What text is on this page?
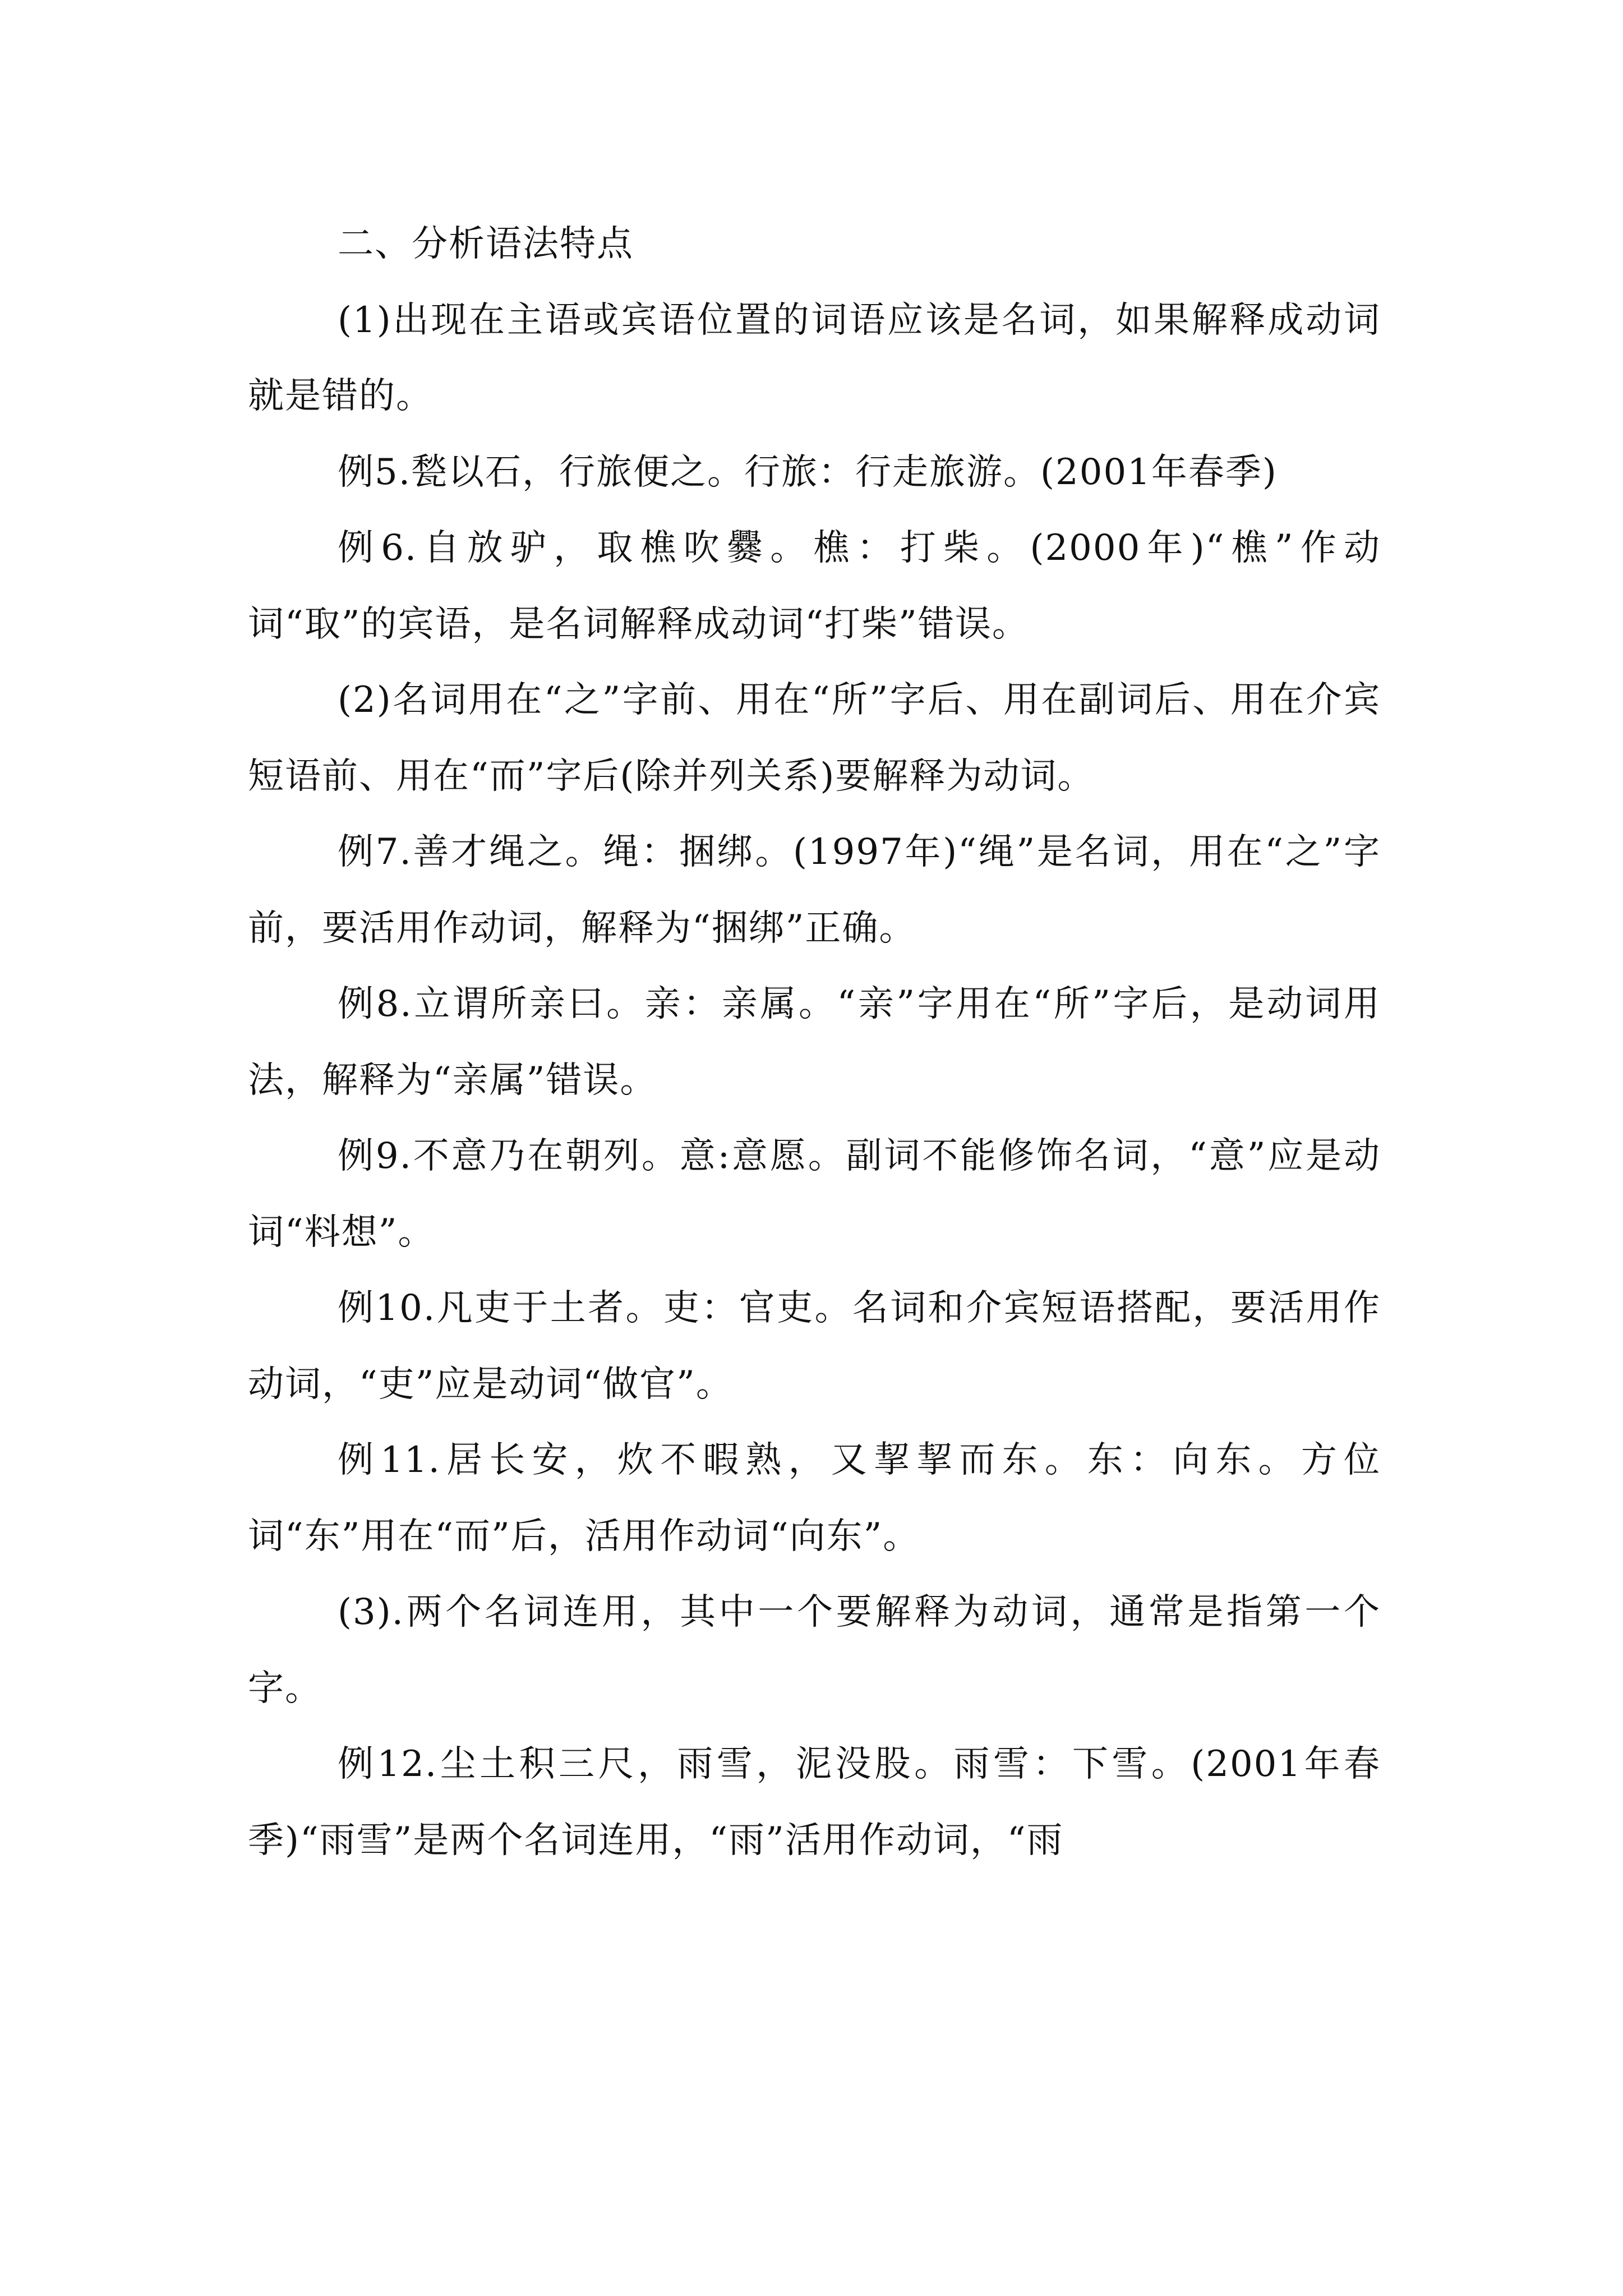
二、分析语法特点

(1)出现在主语或宾语位置的词语应该是名词，如果解释成动词就是错的。

例5.甃以石，行旅便之。行旅：行走旅游。(2001年春季)

例6.自放驴，取樵吹爨。樵：打柴。(2000年)“樵”作动词“取”的宾语，是名词解释成动词“打柴”错误。

(2)名词用在“之”字前、用在“所”字后、用在副词后、用在介宾短语前、用在“而”字后(除并列关系)要解释为动词。

例7.善才绳之。绳：捆绑。(1997年)“绳”是名词，用在“之”字前，要活用作动词，解释为“捆绑”正确。

例8.立谓所亲曰。亲：亲属。“亲”字用在“所”字后，是动词用法，解释为“亲属”错误。

例9.不意乃在朝列。意:意愿。副词不能修饰名词，“意”应是动词“料想”。

例10.凡吏于土者。吏：官吏。名词和介宾短语搭配，要活用作动词，“吏”应是动词“做官”。

例11.居长安，炊不暇熟，又挈挈而东。东：向东。方位词“东”用在“而”后，活用作动词“向东”。

(3).两个名词连用，其中一个要解释为动词，通常是指第一个字。

例12.尘土积三尺，雨雪，泥没股。雨雪：下雪。(2001年春季)“雨雪”是两个名词连用，“雨”活用作动词，“雨
